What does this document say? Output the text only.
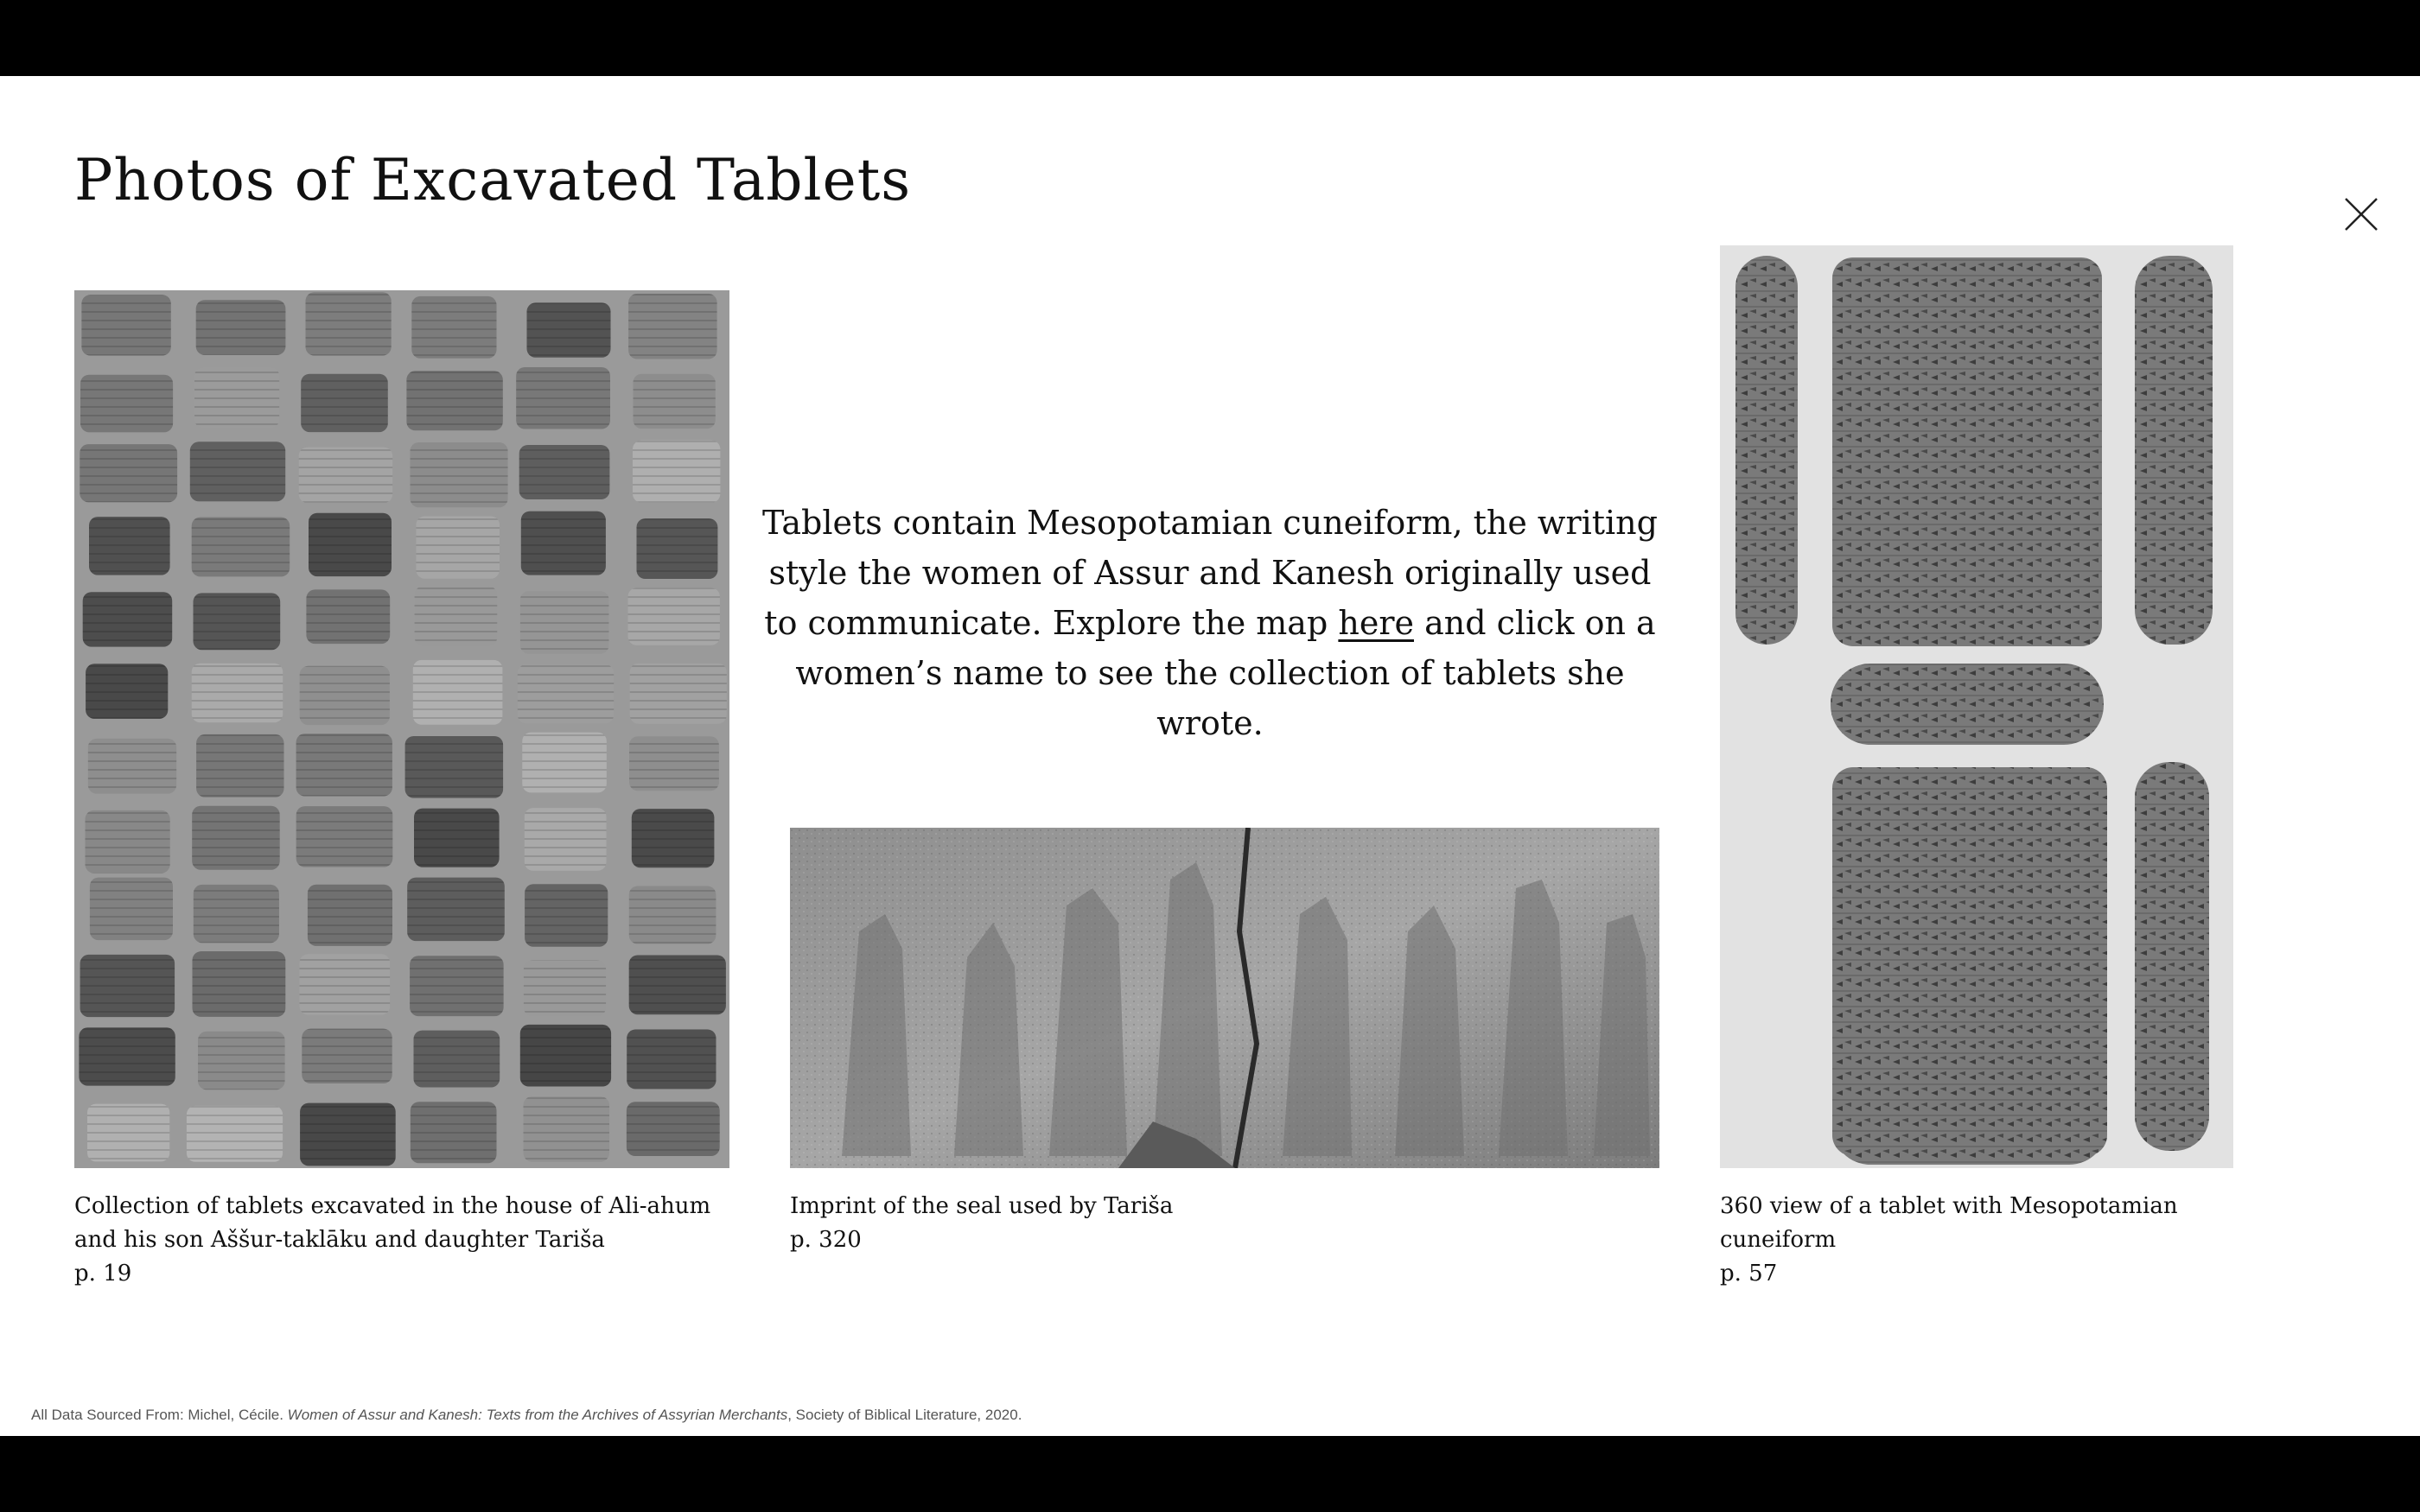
Photos of Excavated Tablets

Tablets contain Mesopotamian cuneiform, the writing style the women of Assur and Kanesh originally used to communicate. Explore the map here and click on a women’s name to see the collection of tablets she wrote.

Collection of tablets excavated in the house of Ali-ahum
and his son Aššur-taklāku and daughter Tariša
p. 19
Imprint of the seal used by Tariša
p. 320
360 view of a tablet with Mesopotamian
cuneiform
p. 57
All Data Sourced From: Michel, Cécile. Women of Assur and Kanesh: Texts from the Archives of Assyrian Merchants, Society of Biblical Literature, 2020.
